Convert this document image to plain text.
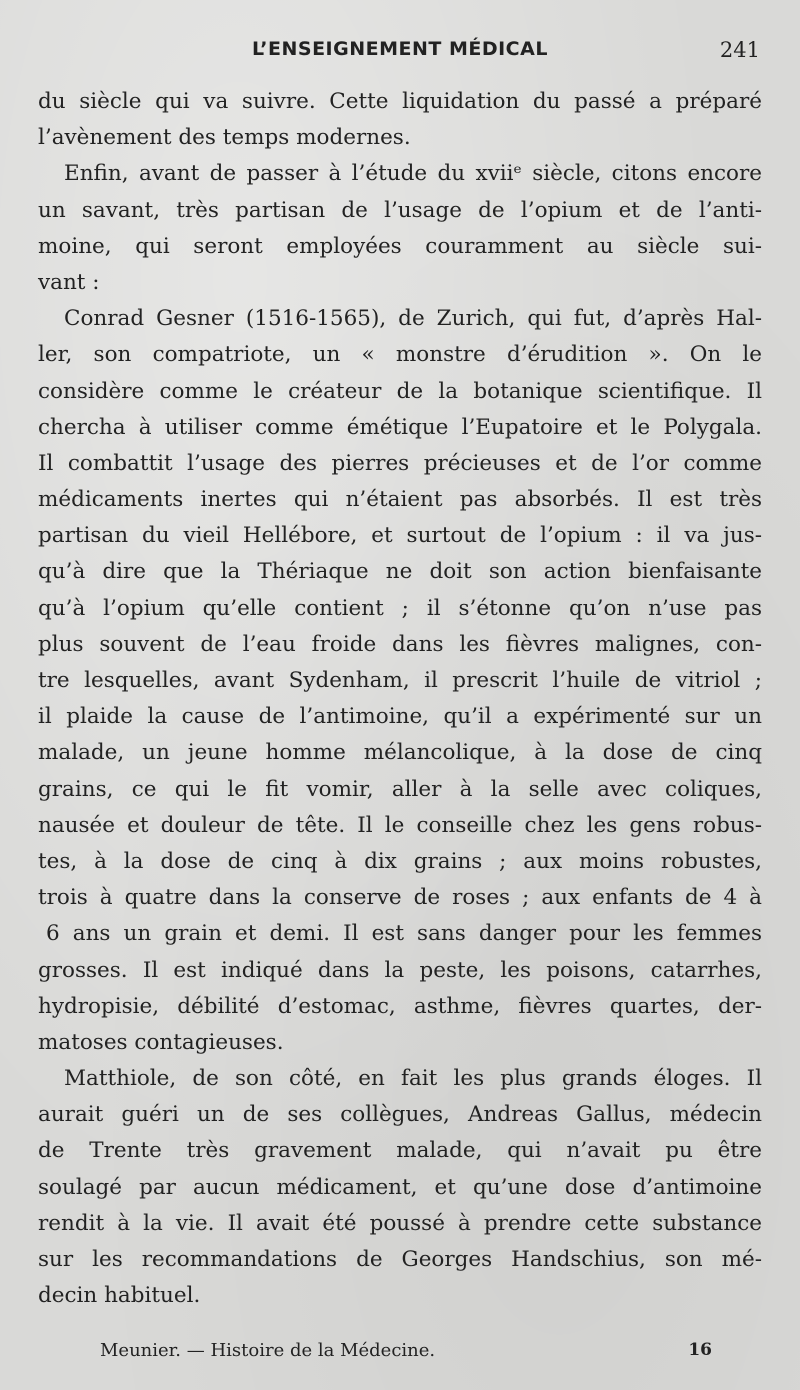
L’ENSEIGNEMENT MÉDICAL	241
du siècle qui va suivre. Cette liquidation du passé a préparé
l’avènement des temps modernes.
Enfin, avant de passer à l’étude du xviiᵉ siècle, citons encore
un savant, très partisan de l’usage de l’opium et de l’anti-
moine, qui seront employées couramment au siècle sui-
vant :
Conrad Gesner (1516-1565), de Zurich, qui fut, d’après Hal-
ler, son compatriote, un « monstre d’érudition ». On le
considère comme le créateur de la botanique scientifique. Il
chercha à utiliser comme émétique l’Eupatoire et le Polygala.
Il combattit l’usage des pierres précieuses et de l’or comme
médicaments inertes qui n’étaient pas absorbés. Il est très
partisan du vieil Hellébore, et surtout de l’opium : il va jus-
qu’à dire que la Thériaque ne doit son action bienfaisante
qu’à l’opium qu’elle contient ; il s’étonne qu’on n’use pas
plus souvent de l’eau froide dans les fièvres malignes, con-
tre lesquelles, avant Sydenham, il prescrit l’huile de vitriol ;
il plaide la cause de l’antimoine, qu’il a expérimenté sur un
malade, un jeune homme mélancolique, à la dose de cinq
grains, ce qui le fit vomir, aller à la selle avec coliques,
nausée et douleur de tête. Il le conseille chez les gens robus-
tes, à la dose de cinq à dix grains ; aux moins robustes,
trois à quatre dans la conserve de roses ; aux enfants de 4 à
6 ans un grain et demi. Il est sans danger pour les femmes
grosses. Il est indiqué dans la peste, les poisons, catarrhes,
hydropisie, débilité d’estomac, asthme, fièvres quartes, der-
matoses contagieuses.
Matthiole, de son côté, en fait les plus grands éloges. Il
aurait guéri un de ses collègues, Andreas Gallus, médecin
de Trente très gravement malade, qui n’avait pu être
soulagé par aucun médicament, et qu’une dose d’antimoine
rendit à la vie. Il avait été poussé à prendre cette substance
sur les recommandations de Georges Handschius, son mé-
decin habituel.
Meunier. — Histoire de la Médecine.	16
